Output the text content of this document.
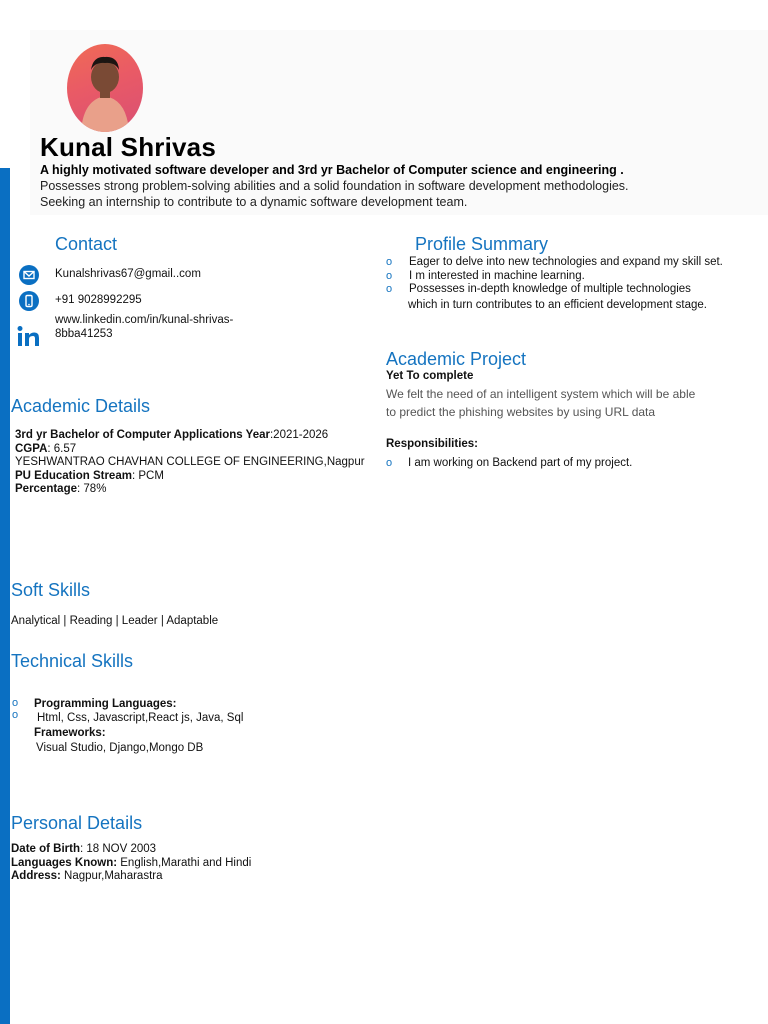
Kunal Shrivas
A highly motivated software developer and 3rd yr Bachelor of Computer science and engineering .
Possesses strong problem-solving abilities and a solid foundation in software development methodologies.
Seeking an internship to contribute to a dynamic software development team.
Contact
Kunalshrivas67@gmail..com
+91 9028992295
www.linkedin.com/in/kunal-shrivas-
8bba41253
Profile Summary
o Eager to delve into new technologies and expand my skill set.
o I m interested in machine learning.
o Possesses in-depth knowledge of multiple technologies
which in turn contributes to an efficient development stage.
Academic Project
Yet To complete
We felt the need of an intelligent system which will be able
to predict the phishing websites by using URL data
Responsibilities:
o I am working on Backend part of my project.
Academic Details
3rd yr Bachelor of Computer Applications Year:2021-2026
CGPA: 6.57
YESHWANTRAO CHAVHAN COLLEGE OF ENGINEERING,Nagpur
PU Education Stream: PCM
Percentage: 78%
Soft Skills
Analytical | Reading | Leader | Adaptable
Technical Skills
o
o
Programming Languages:
Html, Css, Javascript,React js, Java, Sql
Frameworks:
Visual Studio, Django,Mongo DB
Personal Details
Date of Birth: 18 NOV 2003
Languages Known: English,Marathi and Hindi
Address: Nagpur,Maharastra
